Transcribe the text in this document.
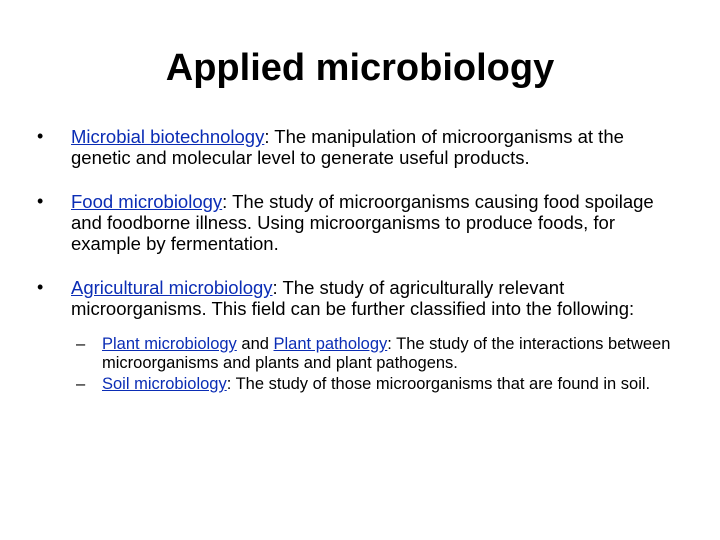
Applied microbiology
• Microbial biotechnology: The manipulation of microorganisms at the genetic and molecular level to generate useful products.
• Food microbiology: The study of microorganisms causing food spoilage and foodborne illness. Using microorganisms to produce foods, for example by fermentation.
• Agricultural microbiology: The study of agriculturally relevant microorganisms. This field can be further classified into the following:
– Plant microbiology and Plant pathology: The study of the interactions between microorganisms and plants and plant pathogens.
– Soil microbiology: The study of those microorganisms that are found in soil.
